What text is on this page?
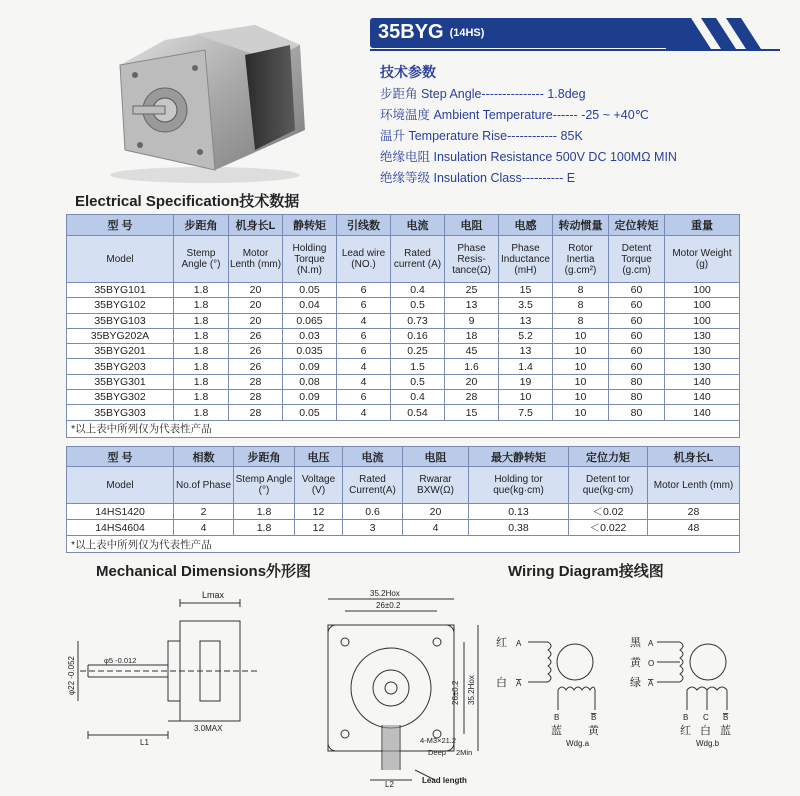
35BYG (14HS)
技术参数
步距角 Step Angle--------------- 1.8deg
环境温度 Ambient Temperature------ -25 ~ +40℃
温升 Temperature Rise------------ 85K
绝缘电阻 Insulation Resistance 500V DC 100MΩ MIN
绝缘等级 Insulation Class---------- E
Electrical Specification技术数据
型 号	步距角	机身长L	静转矩	引线数	电流	电阻	电感	转动惯量	定位转矩	重量
Model	Stemp Angle (°)	Motor Lenth (mm)	Holding Torque (N.m)	Lead wire (NO.)	Rated current (A)	Phase Resis-tance(Ω)	Phase Inductance (mH)	Rotor Inertia (g.cm²)	Detent Torque (g.cm)	Motor Weight (g)
35BYG101	1.8	20	0.05	6	0.4	25	15	8	60	100
35BYG102	1.8	20	0.04	6	0.5	13	3.5	8	60	100
35BYG103	1.8	20	0.065	4	0.73	9	13	8	60	100
35BYG202A	1.8	26	0.03	6	0.16	18	5.2	10	60	130
35BYG201	1.8	26	0.035	6	0.25	45	13	10	60	130
35BYG203	1.8	26	0.09	4	1.5	1.6	1.4	10	60	130
35BYG301	1.8	28	0.08	4	0.5	20	19	10	80	140
35BYG302	1.8	28	0.09	6	0.4	28	10	10	80	140
35BYG303	1.8	28	0.05	4	0.54	15	7.5	10	80	140
*以上表中所列仅为代表性产品										
型 号	相数	步距角	电压	电流	电阻	最大静转矩	定位力矩	机身长L
Model	No.of Phase	Stemp Angle (°)	Voltage (V)	Rated Current(A)	Rwarar BXW(Ω)	Holding tor que(kg·cm)	Detent tor que(kg·cm)	Motor Lenth (mm)
14HS1420	2	1.8	12	0.6	20	0.13	＜0.02	28
14HS4604	4	1.8	12	3	4	0.38	＜0.022	48
*以上表中所列仅为代表性产品								
Mechanical Dimensions外形图	Wiring Diagram接线图
Lmax
φ5 -0.012
φ22 -0.052
L1
3.0MAX
35.2Hox
26±0.2
26±0.2 35.2Hox
4-M3×21.2
Deep 2Min
L2	Lead length
红 A
白 A
B	B
蓝 黄
Wdg.a
黑 A
黄 O
绿 A
B C B
红 白 蓝
Wdg.b
